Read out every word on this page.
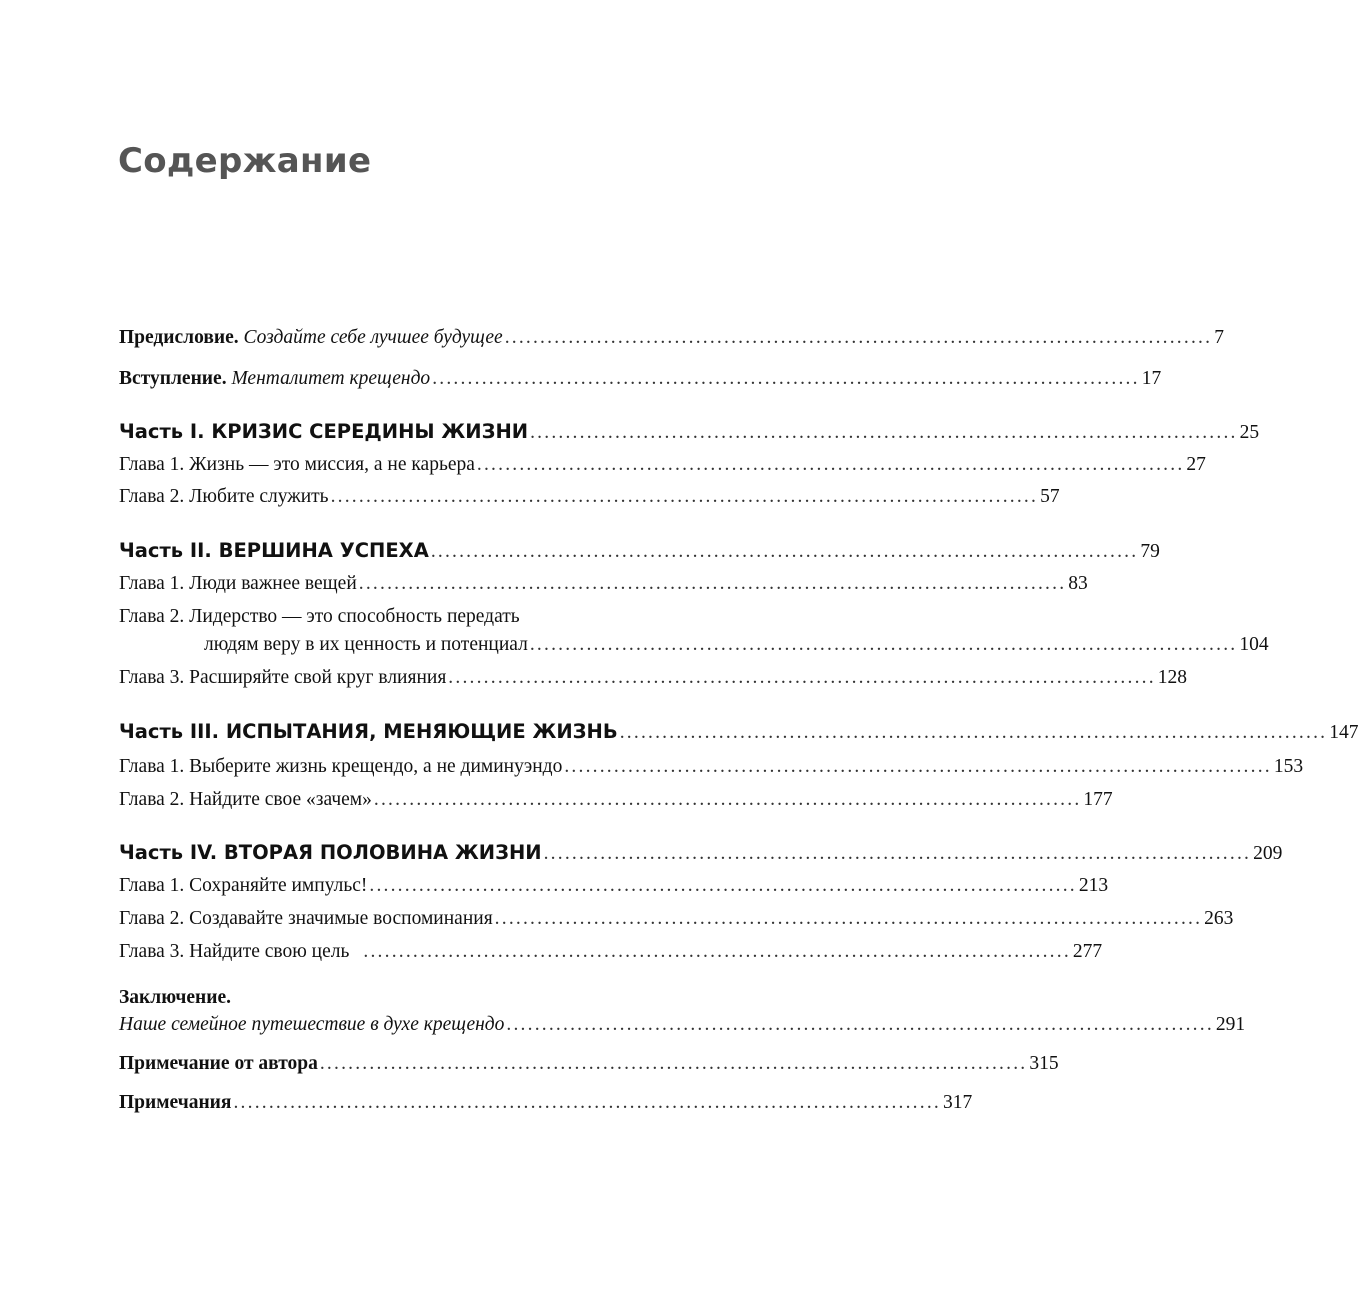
Содержание
Предисловие.
Создайте себе лучшее будущее .................................................................................................... 7
Вступление.
Менталитет крещендо .................................................................................................... 17
Часть I. КРИЗИС СЕРЕДИНЫ ЖИЗНИ .................................................................................................... 25
Глава 1. Жизнь — это миссия, а не карьера .................................................................................................... 27
Глава 2. Любите служить .................................................................................................... 57
Часть II. ВЕРШИНА УСПЕХА .................................................................................................... 79
Глава 1. Люди важнее вещей .................................................................................................... 83
Глава 2. Лидерство — это способность передать
людям веру в их ценность и потенциал .................................................................................................... 104
Глава 3. Расширяйте свой круг влияния .................................................................................................... 128
Часть III. ИСПЫТАНИЯ, МЕНЯЮЩИЕ ЖИЗНЬ .................................................................................................... 147
Глава 1. Выберите жизнь крещендо, а не диминуэндо .................................................................................................... 153
Глава 2. Найдите свое «зачем» .................................................................................................... 177
Часть IV. ВТОРАЯ ПОЛОВИНА ЖИЗНИ .................................................................................................... 209
Глава 1. Сохраняйте импульс! .................................................................................................... 213
Глава 2. Создавайте значимые воспоминания .................................................................................................... 263
Глава 3. Найдите свою цель .................................................................................................... 277
Заключение.
Наше семейное путешествие в духе крещендо .................................................................................................... 291
Примечание от автора .................................................................................................... 315
Примечания .................................................................................................... 317
